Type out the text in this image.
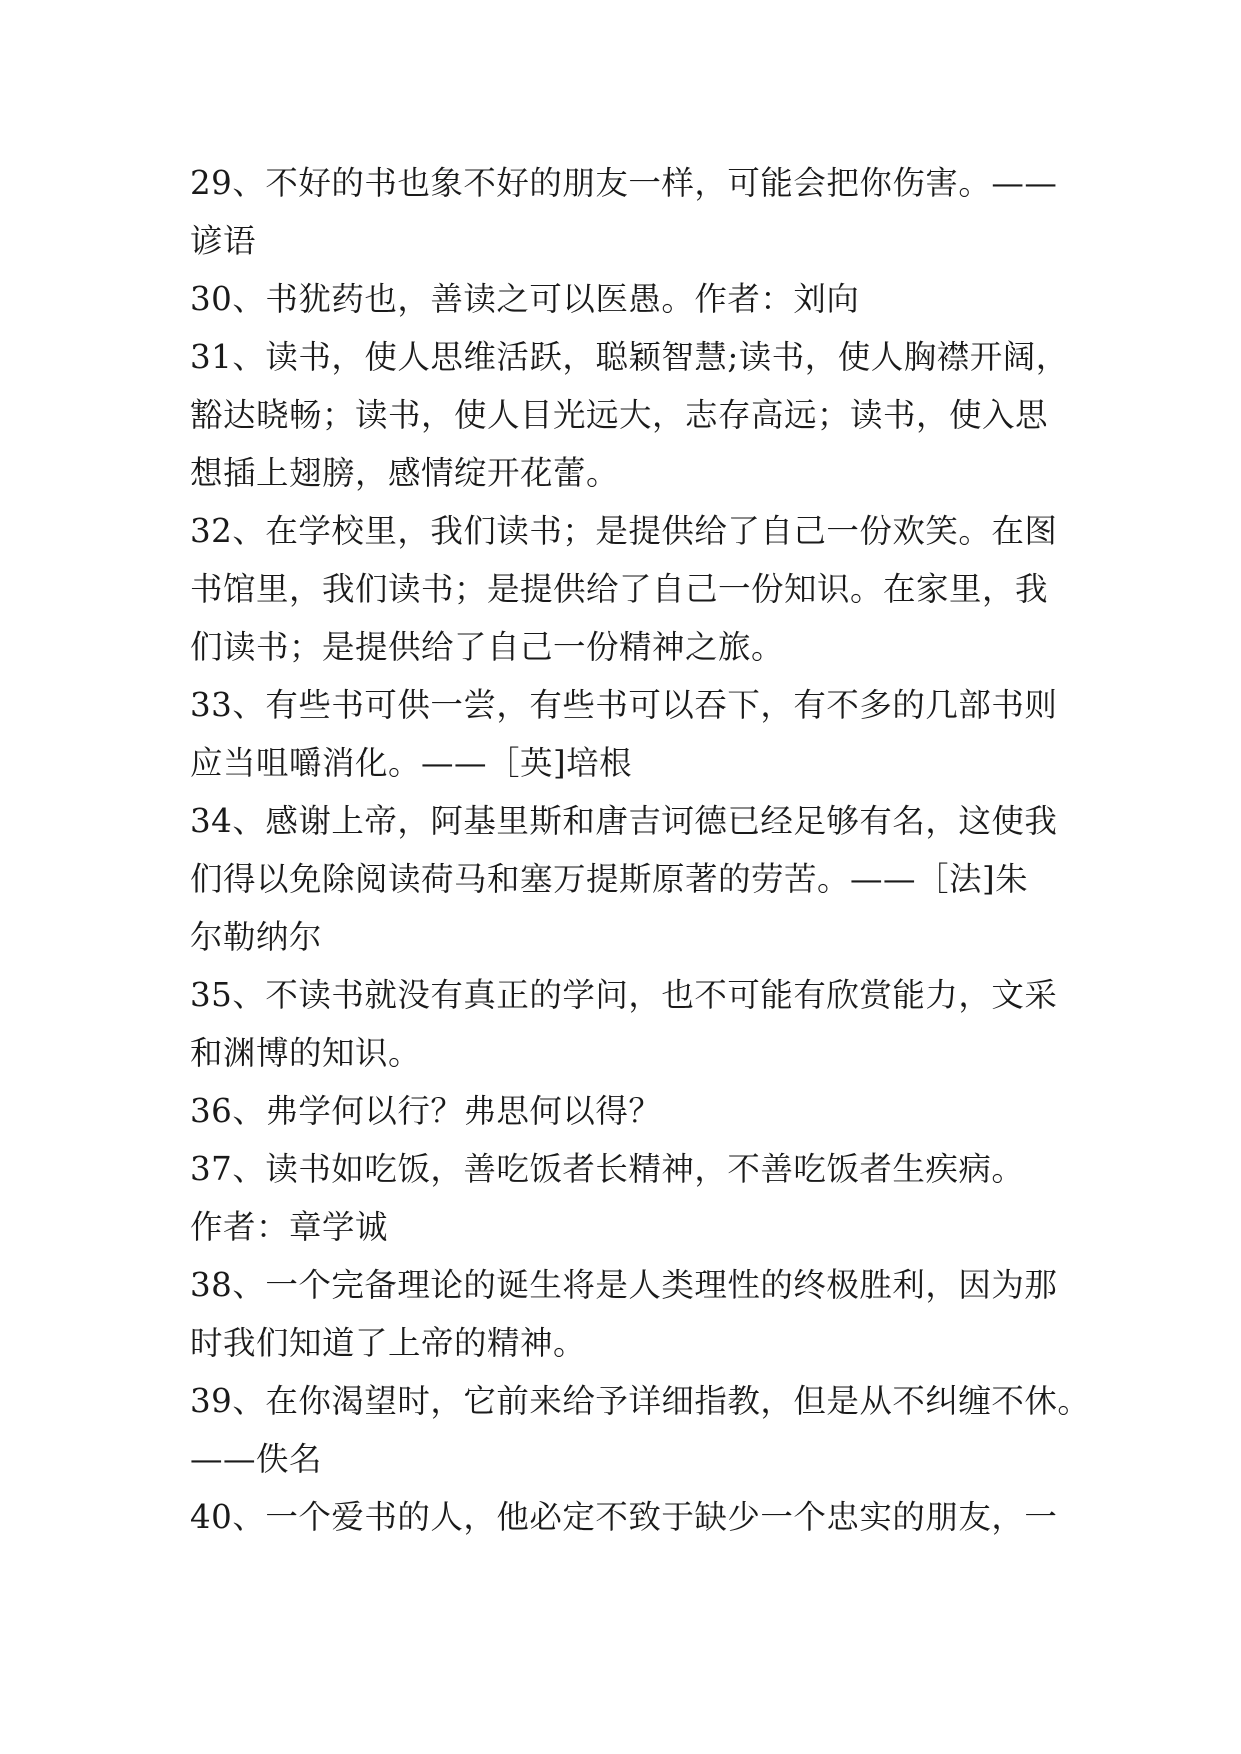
29、不好的书也象不好的朋友一样，可能会把你伤害。——
谚语
30、书犹药也，善读之可以医愚。作者：刘向
31、读书，使人思维活跃，聪颖智慧;读书，使人胸襟开阔，
豁达晓畅；读书，使人目光远大，志存高远；读书，使入思
想插上翅膀，感情绽开花蕾。
32、在学校里，我们读书；是提供给了自己一份欢笑。在图
书馆里，我们读书；是提供给了自己一份知识。在家里，我
们读书；是提供给了自己一份精神之旅。
33、有些书可供一尝，有些书可以吞下，有不多的几部书则
应当咀嚼消化。——［英]培根
34、感谢上帝，阿基里斯和唐吉诃德已经足够有名，这使我
们得以免除阅读荷马和塞万提斯原著的劳苦。——［法]朱
尔勒纳尔
35、不读书就没有真正的学问，也不可能有欣赏能力，文采
和渊博的知识。
36、弗学何以行？弗思何以得？
37、读书如吃饭，善吃饭者长精神，不善吃饭者生疾病。
作者：章学诚
38、一个完备理论的诞生将是人类理性的终极胜利，因为那
时我们知道了上帝的精神。
39、在你渴望时，它前来给予详细指教，但是从不纠缠不休。
——佚名
40、一个爱书的人，他必定不致于缺少一个忠实的朋友，一
